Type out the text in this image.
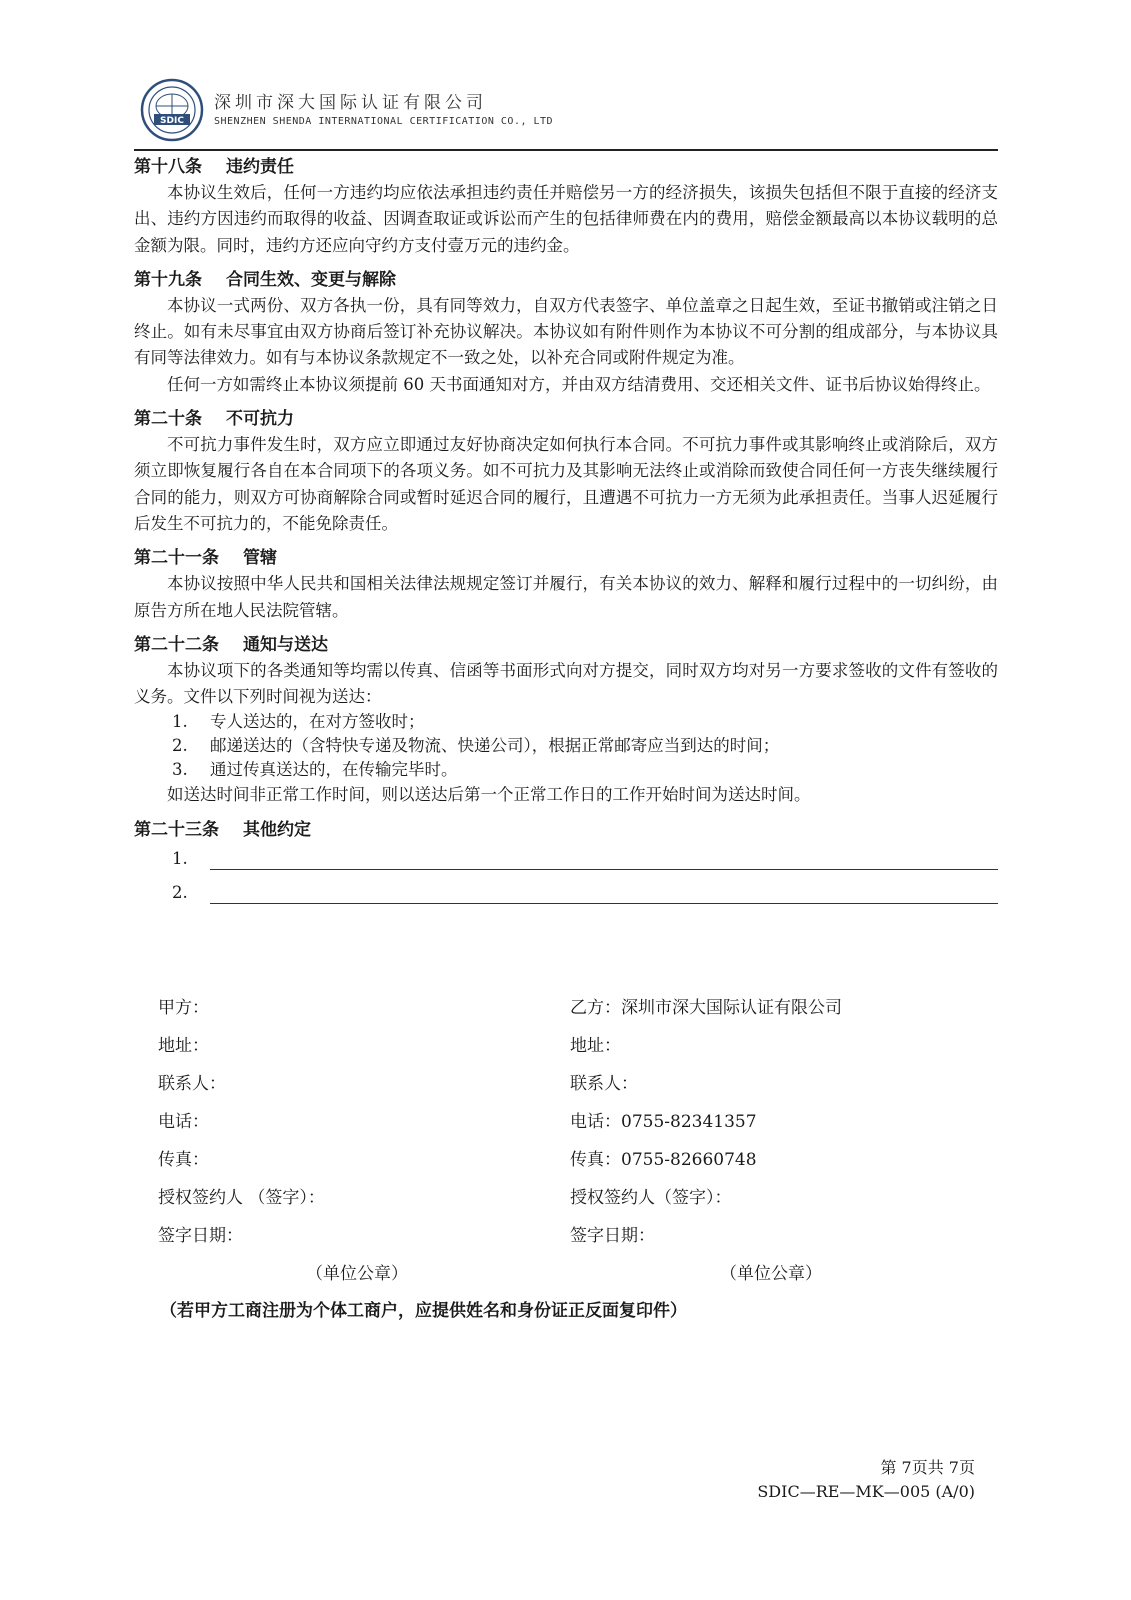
SDIC
深圳市深大国际认证有限公司
SHENZHEN SHENDA INTERNATIONAL CERTIFICATION CO., LTD
第十八条 违约责任

本协议生效后，任何一方违约均应依法承担违约责任并赔偿另一方的经济损失，该损失包括但不限于直接的经济支出、违约方因违约而取得的收益、因调查取证或诉讼而产生的包括律师费在内的费用，赔偿金额最高以本协议载明的总金额为限。同时，违约方还应向守约方支付壹万元的违约金。

第十九条 合同生效、变更与解除

本协议一式两份、双方各执一份，具有同等效力，自双方代表签字、单位盖章之日起生效，至证书撤销或注销之日终止。如有未尽事宜由双方协商后签订补充协议解决。本协议如有附件则作为本协议不可分割的组成部分，与本协议具有同等法律效力。如有与本协议条款规定不一致之处，以补充合同或附件规定为准。

任何一方如需终止本协议须提前 60 天书面通知对方，并由双方结清费用、交还相关文件、证书后协议始得终止。

第二十条 不可抗力

不可抗力事件发生时，双方应立即通过友好协商决定如何执行本合同。不可抗力事件或其影响终止或消除后，双方须立即恢复履行各自在本合同项下的各项义务。如不可抗力及其影响无法终止或消除而致使合同任何一方丧失继续履行合同的能力，则双方可协商解除合同或暂时延迟合同的履行，且遭遇不可抗力一方无须为此承担责任。当事人迟延履行后发生不可抗力的，不能免除责任。

第二十一条 管辖

本协议按照中华人民共和国相关法律法规规定签订并履行，有关本协议的效力、解释和履行过程中的一切纠纷，由原告方所在地人民法院管辖。

第二十二条 通知与送达

本协议项下的各类通知等均需以传真、信函等书面形式向对方提交，同时双方均对另一方要求签收的文件有签收的义务。文件以下列时间视为送达：

1. 专人送达的，在对方签收时；
2. 邮递送达的（含特快专递及物流、快递公司），根据正常邮寄应当到达的时间；
3. 通过传真送达的，在传输完毕时。

如送达时间非正常工作时间，则以送达后第一个正常工作日的工作开始时间为送达时间。

第二十三条 其他约定
1.
2.
甲方：	乙方：深圳市深大国际认证有限公司
地址：	地址：
联系人：	联系人：
电话：	电话：0755-82341357
传真：	传真：0755-82660748
授权签约人 （签字）：	授权签约人（签字）：
签字日期：	签字日期：
（单位公章）	（单位公章）
（若甲方工商注册为个体工商户，应提供姓名和身份证正反面复印件）
第 7页共 7页
SDIC—RE—MK—005 (A/0)
